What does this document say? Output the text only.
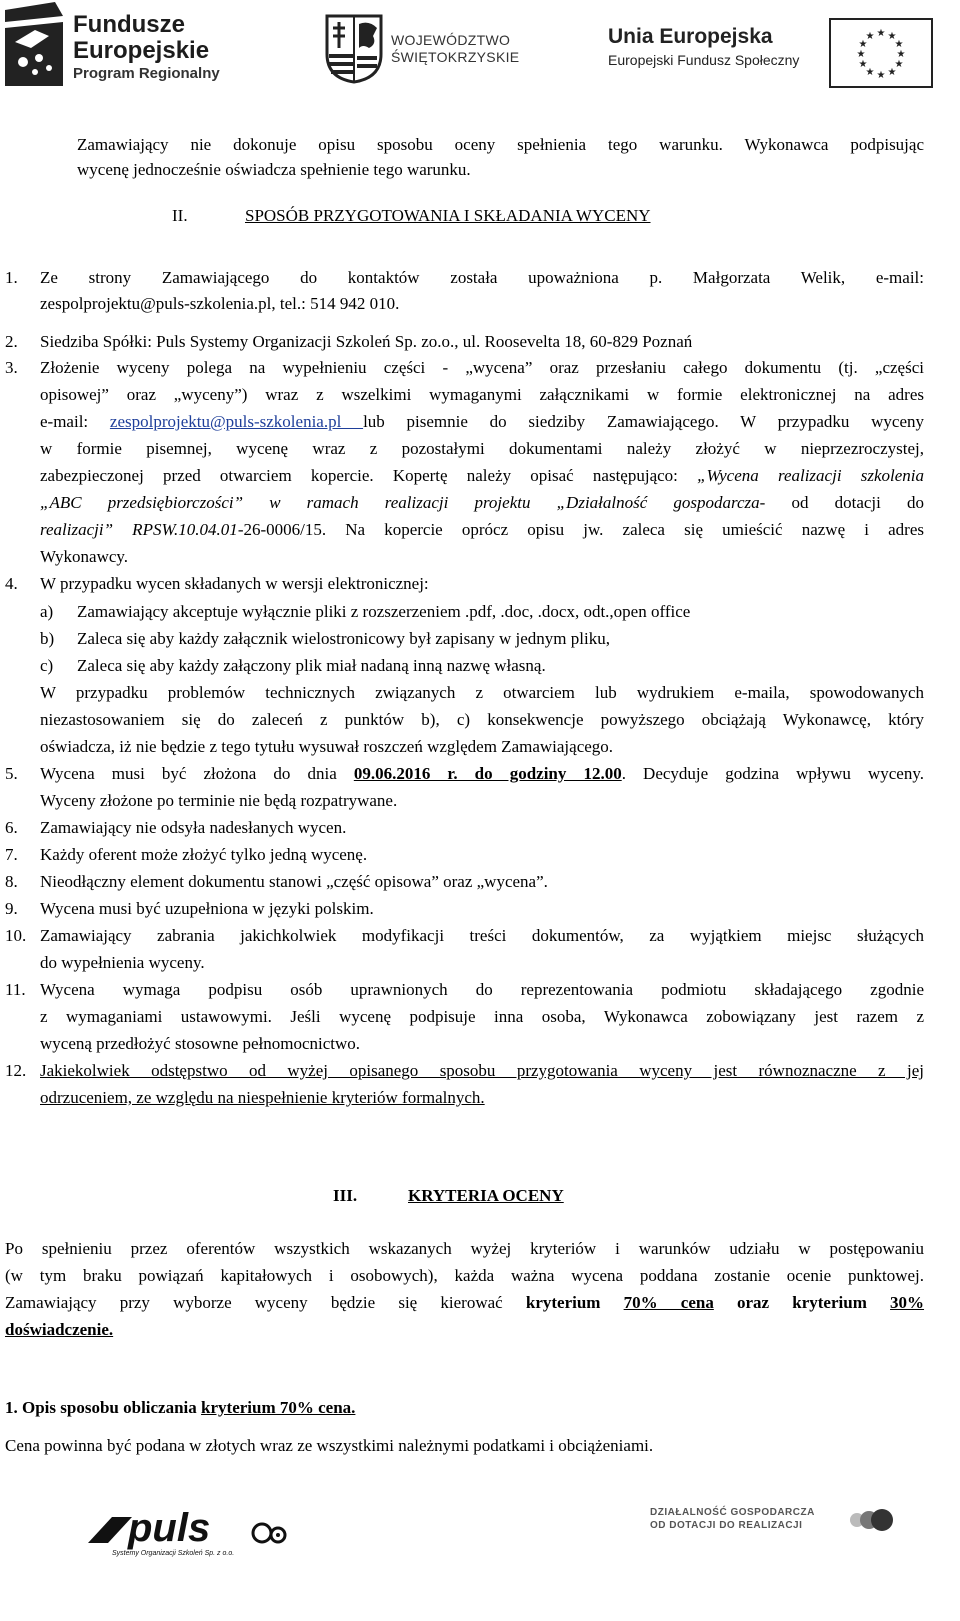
Fundusze
Europejskie
Program Regionalny
WOJEWÓDZTWO
ŚWIĘTOKRZYSKIE
Unia Europejska
Europejski Fundusz Społeczny
★ ★
★
★
★
★
★
★
★
★
★
★
Zamawiający nie dokonuje opisu sposobu oceny spełnienia tego warunku. Wykonawca podpisując
wycenę jednocześnie oświadcza spełnienie tego warunku.
II.	SPOSÓB PRZYGOTOWANIA I SKŁADANIA WYCENY
1. Ze strony Zamawiającego do kontaktów została upoważniona p. Małgorzata Welik, e-mail:
zespolprojektu@puls-szkolenia.pl, tel.: 514 942 010.
2. Siedziba Spółki: Puls Systemy Organizacji Szkoleń Sp. zo.o., ul. Roosevelta 18, 60-829 Poznań
3. Złożenie wyceny polega na wypełnieniu części - „wycena” oraz przesłaniu całego dokumentu (tj. „części
opisowej” oraz „wyceny”) wraz z wszelkimi wymaganymi załącznikami w formie elektronicznej na adres
e-mail: zespolprojektu@puls-szkolenia.pl lub pisemnie do siedziby Zamawiającego. W przypadku wyceny
w formie pisemnej, wycenę wraz z pozostałymi dokumentami należy złożyć w nieprzezroczystej,
zabezpieczonej przed otwarciem kopercie. Kopertę należy opisać następująco: „Wycena realizacji szkolenia
„ABC przedsiębiorczości” w ramach realizacji projektu „Działalność gospodarcza- od dotacji do
realizacji” RPSW.10.04.01-26-0006/15. Na kopercie oprócz opisu jw. zaleca się umieścić nazwę i adres
Wykonawcy.
4. W przypadku wycen składanych w wersji elektronicznej:
a) Zamawiający akceptuje wyłącznie pliki z rozszerzeniem .pdf, .doc, .docx, odt.,open office
b) Zaleca się aby każdy załącznik wielostronicowy był zapisany w jednym pliku,
c) Zaleca się aby każdy załączony plik miał nadaną inną nazwę własną.
W przypadku problemów technicznych związanych z otwarciem lub wydrukiem e-maila, spowodowanych
niezastosowaniem się do zaleceń z punktów b), c) konsekwencje powyższego obciążają Wykonawcę, który
oświadcza, iż nie będzie z tego tytułu wysuwał roszczeń względem Zamawiającego.
5. Wycena musi być złożona do dnia 09.06.2016 r. do godziny 12.00. Decyduje godzina wpływu wyceny.
Wyceny złożone po terminie nie będą rozpatrywane.
6. Zamawiający nie odsyła nadesłanych wycen.
7. Każdy oferent może złożyć tylko jedną wycenę.
8. Nieodłączny element dokumentu stanowi „część opisowa” oraz „wycena”.
9. Wycena musi być uzupełniona w języki polskim.
10. Zamawiający zabrania jakichkolwiek modyfikacji treści dokumentów, za wyjątkiem miejsc służących
do wypełnienia wyceny.
11. Wycena wymaga podpisu osób uprawnionych do reprezentowania podmiotu składającego zgodnie
z wymaganiami ustawowymi. Jeśli wycenę podpisuje inna osoba, Wykonawca zobowiązany jest razem z
wyceną przedłożyć stosowne pełnomocnictwo.
12. Jakiekolwiek odstępstwo od wyżej opisanego sposobu przygotowania wyceny jest równoznaczne z jej
odrzuceniem, ze względu na niespełnienie kryteriów formalnych.
III.	KRYTERIA OCENY
Po spełnieniu przez oferentów wszystkich wskazanych wyżej kryteriów i warunków udziału w postępowaniu
(w tym braku powiązań kapitałowych i osobowych), każda ważna wycena poddana zostanie ocenie punktowej.
Zamawiający przy wyborze wyceny będzie się kierować kryterium 70% cena oraz kryterium 30%
doświadczenie.
1. Opis sposobu obliczania kryterium 70% cena.
Cena powinna być podana w złotych wraz ze wszystkimi należnymi podatkami i obciążeniami.
puls
Systemy Organizacji Szkoleń Sp. z o.o.
DZIAŁALNOŚĆ GOSPODARCZA
OD DOTACJI DO REALIZACJI
